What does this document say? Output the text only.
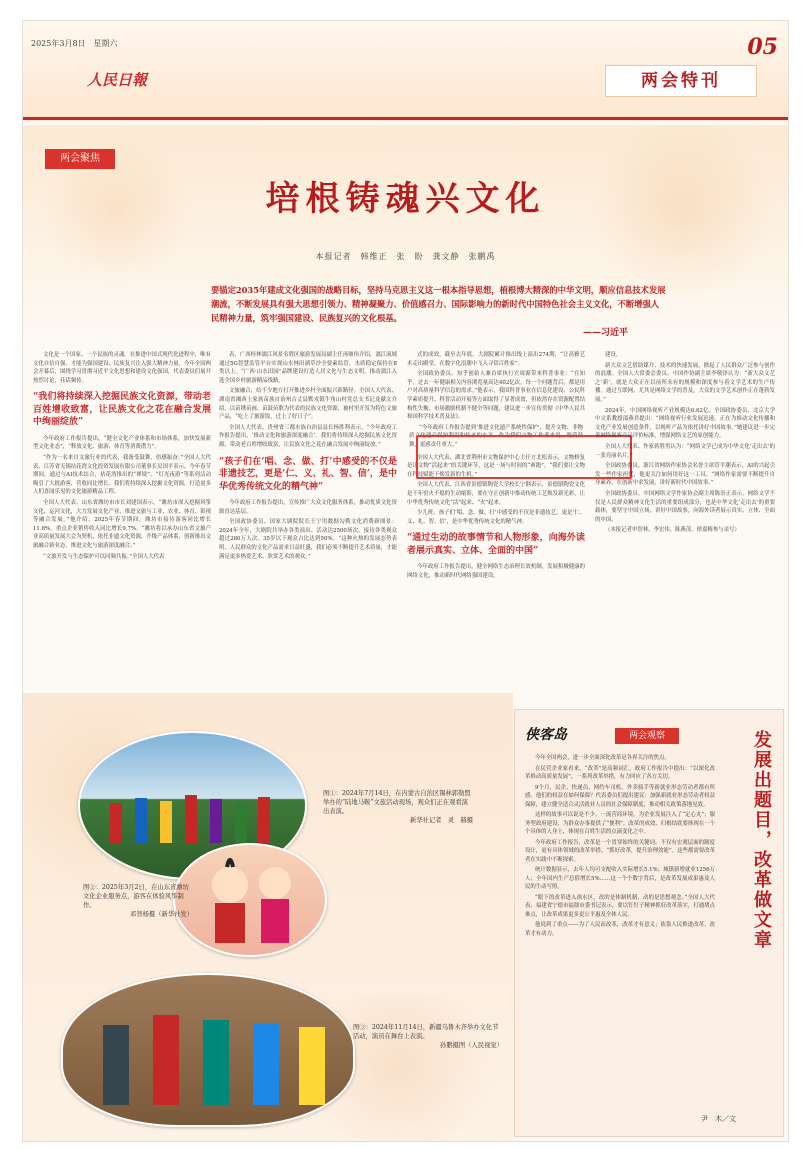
2025年3月8日　星期六	05
人民日報	两会特刊
两会聚焦
培根铸魂兴文化
本报记者　韩维正　张　盼　龚文静　张鹏禹
要锚定2035年建成文化强国的战略目标，坚持马克思主义这一根本指导思想，植根博大精深的中华文明，顺应信息技术发展潮流，不断发展具有强大思想引领力、精神凝聚力、价值感召力、国际影响力的新时代中国特色社会主义文化，不断增强人民精神力量，筑牢强国建设、民族复兴的文化根基。
——习近平

文化是一个国家、一个民族的灵魂。在推进中国式现代化进程中，唯有文化自信自强，才能为强国建设、民族复兴注入强大精神力量。今年全国两会开幕后，围绕学习贯彻习近平文化思想和建设文化强国，代表委员们展开热烈讨论，佳话频传。

“我们将持续深入挖掘民族文化资源，带动老百姓增收致富，让民族文化之花在融合发展中绚丽绽放”

今年政府工作报告提出，“健全文化产业体系和市场体系，加快发展新型文化业态”，“释放文化、旅游、体育等消费潜力”。

“作为一名来自文旅行业的代表，我备受鼓舞、倍感振奋。”全国人大代表、江苏省无锡拈花湾文化投资发展有限公司董事长吴国平表示，今年春节期间，通过与AI技术结合，拈花湾推出的“禅境”、“灯光夜游”等系列活动吸引了大批游客，营收同比增长。我们将持续深入挖掘文化资源，打造更多人们喜闻乐见的文化旅游精品工程。

全国人大代表、山东省潍坊市市长刘建国表示，“潍坊市深入挖掘风筝文化、运河文化，大力发展文化产业，推进文旅与工业、农业、体育、影视等融合发展。”他介绍，2025年春节期间，潍坊市接待游客同比增长11.8%，重点企业销售收入同比增长9.7%。“潍坊将以承办山东省文旅产业高质量发展大会为契机，依托非遗文化资源，升级产品体系，创新推出文旅融合新业态，推进文化与旅游深度融合。”

“文旅开发与生态保护可以同频共振。”全国人大代表

表，广西桂林漓江风景名胜区旅游发展局副主任汤继伟介绍，漓江流域通过5G智慧监管平台实现山水林田湖草沙全要素监管，水质稳定保持在Ⅱ类以上。“广西·山水田园”品牌建设打造人居文化与生态文明，推动漓江入选全国乡村旅游精品线路。

文旅融合，给不少地方打开推进乡村全面振兴新路径。全国人大代表、湖南省湘西土家族苗族自治州古丈县默戎镇牛角山村党总支书记龙献文介绍，以苗绣苗画、苗鼓苗歌为代表的民族文化资源，被村里开发为特色文旅产品，“吃上了旅游饭，过上了好日子”。

全国人大代表、贵州省三都水族自治县县长杨胜利表示，“今年政府工作报告提出，‘推动文化和旅游深度融合’。我们将持续深入挖掘民族文化资源，带动老百姓增收致富，让民族文化之花在融合发展中绚丽绽放。”

“孩子们在‘唱、念、做、打’中感受的不仅是非遗技艺，更是‘仁、义、礼、智、信’，是中华优秀传统文化的精气神”

今年政府工作报告提出，宣传推广大众文化服务体系，推动优质文化资源直达基层。

全国政协委员、国家大剧院院长王宁用数据勾勒文化消费新图景：2024年全年，大剧院共举办各类演出、活动达2500场次，接待各类观众超过280万人次。35岁以下观众占比达到50%。“这种火热的发展态势表明，人民群众的文化产品需求日益旺盛，我们必须不断提升艺术质量，才能满足更多热爱艺术、欣赏艺术的观众。”

式的成效，截至去年底，大剧院累计推出线上演出274期，“让高雅艺术走出殿堂，在数字化浪潮中飞入寻常百姓家”。

全国政协委员、知乎创始人兼首席执行官周源带来科普事业：“在知乎，过去一年健康相关内容浏览量高达402亿次，每一个问题背后，都是用户对高质量科学信息的需求。”他表示，我国科普事业在信息化建设、公民科学素质提升、科普活动开展等方面取得了显著成效，但依然存在资源配置结构性失衡、市场激励机制不健全等问题，建议进一步宣传贯彻《中华人民共和国科学技术普及法》。

“今年政府工作报告提到‘推进文化遗产系统性保护’，提升文物、非物质文化遗产保护利用和传承的水平。作为我们文物工作者来说，既受鼓舞，更感责任重大。”

全国人大代表、湖北省荆州市文物保护中心主任方北松表示，文物修复是让文物“活起来”的关键环节，这是一场与时间的“赛跑”，“我们要让文物在科技赋能下焕发新的生机。”

全国人大代表、江西省景德镇陶瓷大学校长宁钢表示，景德镇陶瓷文化是千年窑火不熄的生动缩影，要在守正创新中推动传统工艺焕发新光彩，让中华优秀传统文化“活”起来、“火”起来。

少儿班，孩子们‘唱、念、做、打’中感受的不仅是非遗技艺，更是‘仁、义、礼、智、信’，是中华优秀传统文化的精气神。

“通过生动的故事情节和人物形象，向海外读者展示真实、立体、全面的中国”

今年政府工作报告提出，健全网络生态治理长效机制，发展积极健康的网络文化，推动新时代网络强国建设。

建设。

新大众文艺借助媒介、技术的快速发展，掀起了人民群众广泛参与创作的浪潮。全国人大常委会委员、中国作协副主席李敬泽认为：“新大众文艺之‘新’，就是大众正在以前所未有的规模和深度参与着文学艺术的生产传播。通过互联网，尤其是网络文学的普及，大众的文学艺术创作正在蓬勃发展。”

2024年，中国网络视听产业规模达6.62亿。全国政协委员、北京大学中文系教授邵燕君提出：“网络视听行业发展迅速，正在为推动文化传播和文化产业发展创造条件，以视听产品为依托讲好中国故事。”她建议进一步完善网络视听产品评价标准，增强网络文艺的原创能力。

全国人大代表、作家蒋胜男认为：“网络文学已成为中华文化‘走出去’的一张亮丽名片。”

全国政协委员、浙江省网络作家协会名誉主席管平潮表示，AI的兴起引发一些作家担忧，他更关注如何用好这一工具。“网络作家需要不断提升自身素养，在创新中求发展，讲好新时代中国故事。”

全国政协委员、中国网络文学作家协会副主席陈崇正表示，网络文学不仅是人民群众精神文化生活的重要组成部分，也是中华文化‘走出去’的重要载体，要坚守中国立场，讲好中国故事，向海外读者展示真实、立体、全面的中国。

（本报记者申智林、李宏伟、陈燕茂、徐嘉梅参与采写）

图①：2024年7月14日，在内蒙古自治区锡林郭勒盟举办的“陆地马鞍”文旅活动现场，观众们正在观看演出表演。
新华社记者　灵　赫摄
图②：2025年3月2日，在山东省潍坊文化企业服务点，游客在体验风筝制作。
邓智杨摄（新华社发）
图③：2024年11月14日，新疆乌鲁木齐举办文化节活动，演员在舞台上表演。
孙鹏摄图（人民视觉）
侠客岛	两会观察	发展出题目，改革做文章

今年全国两会，进一步全面深化改革是各界关注的焦点。

在民营企业家看来，“改革”是高频词汇。政府工作报告中提出：“以深化改革推动高质量发展”，一系列改革举措，有力回应了各方关切。

9个月，民企、快递员、网约车司机、外卖骑手等新就业形态劳动者都有所感。他们的权益在如何保障？代表委员们提出建议：加强新就业形态劳动者权益保障，建立健全适合灵活就业人员的社会保障制度，推动相关政策落地见效。

这样的故事可以说是不少。一流营商环境，为企业发展注入了“定心丸”；服务型政府建设，为群众办事提供了“便利”。改革的成效，归根结底要体现在一个个具体的人身上，体现在百姓生活的点滴变化之中。

今年政府工作报告，改革是一个贯穿始终的关键词。不仅有宏观层面的制度设计，更有具体领域的改革举措。“抓好改革，提升治理效能”。这些都需要改革者在实践中不断探索。

统计数据显示，去年人均可支配收入实际增长5.1%；城镇新增就业1256万人；全年国内生产总值增长5%……这一个个数字背后，是改革发展成果惠及人民的生动写照。

“眼下的改革进入深水区，改的是体制机制，动的是思想观念。”全国人大代表、福建省宁德市福鼎市委书记表示，要以钉钉子精神抓好改革落实，打通堵点难点，让改革成果更多更公平惠及全体人民。

他说到了重点——为了人民而改革，改革才有意义；依靠人民推进改革，改革才有动力。

尹　木／文
